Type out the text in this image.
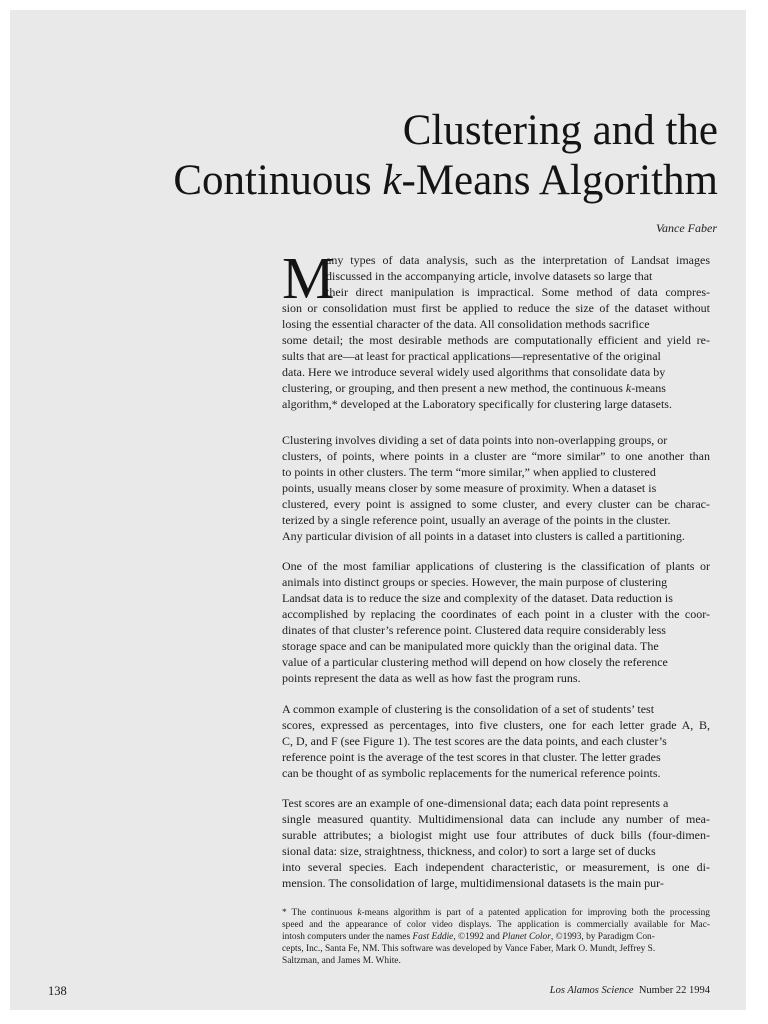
Clustering and the
Continuous k-Means Algorithm
Vance Faber
M
any types of data analysis, such as the interpretation of Landsat images
discussed in the accompanying article, involve datasets so large that
their direct manipulation is impractical. Some method of data compres-
sion or consolidation must first be applied to reduce the size of the dataset without
losing the essential character of the data. All consolidation methods sacrifice
some detail; the most desirable methods are computationally efficient and yield re-
sults that are—at least for practical applications—representative of the original
data. Here we introduce several widely used algorithms that consolidate data by
clustering, or grouping, and then present a new method, the continuous k-means
algorithm,* developed at the Laboratory specifically for clustering large datasets.
Clustering involves dividing a set of data points into non-overlapping groups, or
clusters, of points, where points in a cluster are “more similar” to one another than
to points in other clusters. The term “more similar,” when applied to clustered
points, usually means closer by some measure of proximity. When a dataset is
clustered, every point is assigned to some cluster, and every cluster can be charac-
terized by a single reference point, usually an average of the points in the cluster.
Any particular division of all points in a dataset into clusters is called a partitioning.
One of the most familiar applications of clustering is the classification of plants or
animals into distinct groups or species. However, the main purpose of clustering
Landsat data is to reduce the size and complexity of the dataset. Data reduction is
accomplished by replacing the coordinates of each point in a cluster with the coor-
dinates of that cluster’s reference point. Clustered data require considerably less
storage space and can be manipulated more quickly than the original data. The
value of a particular clustering method will depend on how closely the reference
points represent the data as well as how fast the program runs.
A common example of clustering is the consolidation of a set of students’ test
scores, expressed as percentages, into five clusters, one for each letter grade A, B,
C, D, and F (see Figure 1). The test scores are the data points, and each cluster’s
reference point is the average of the test scores in that cluster. The letter grades
can be thought of as symbolic replacements for the numerical reference points.
Test scores are an example of one-dimensional data; each data point represents a
single measured quantity. Multidimensional data can include any number of mea-
surable attributes; a biologist might use four attributes of duck bills (four-dimen-
sional data: size, straightness, thickness, and color) to sort a large set of ducks
into several species. Each independent characteristic, or measurement, is one di-
mension. The consolidation of large, multidimensional datasets is the main pur-
* The continuous k-means algorithm is part of a patented application for improving both the processing
speed and the appearance of color video displays. The application is commercially available for Mac-
intosh computers under the names Fast Eddie, ©1992 and Planet Color, ©1993, by Paradigm Con-
cepts, Inc., Santa Fe, NM. This software was developed by Vance Faber, Mark O. Mundt, Jeffrey S.
Saltzman, and James M. White.
138	Los Alamos Science Number 22 1994
